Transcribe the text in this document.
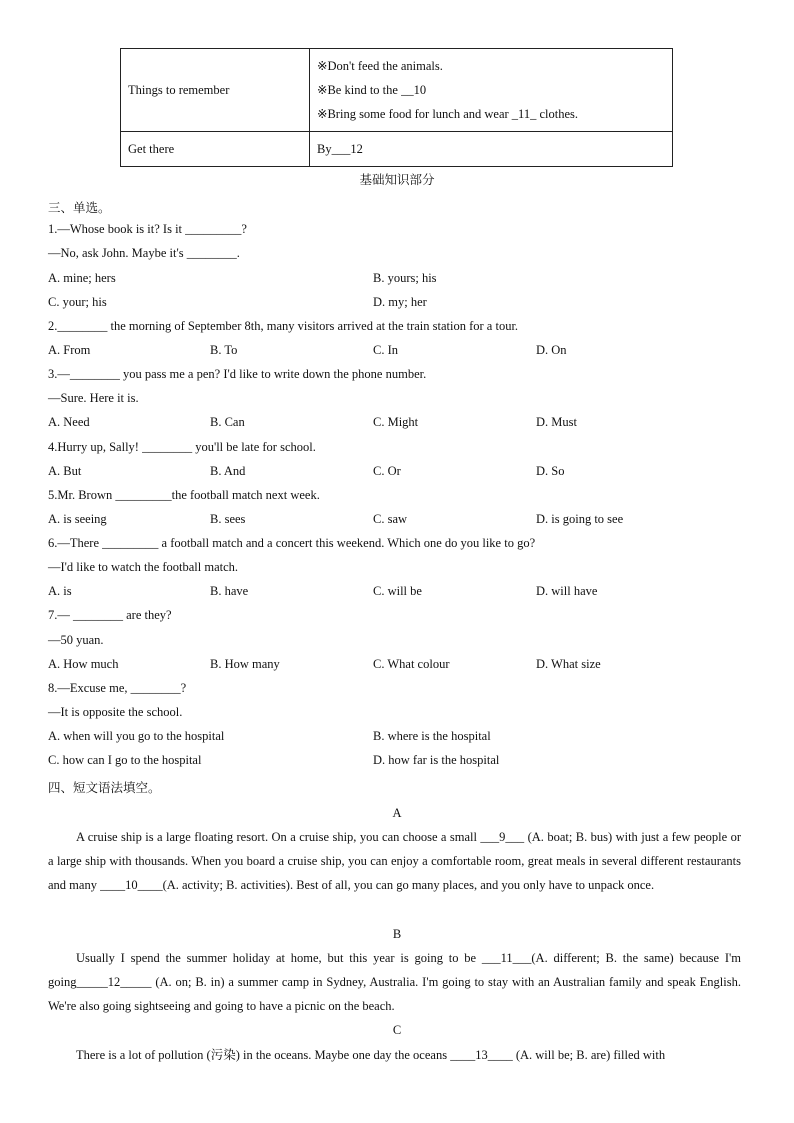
Things to remember	※Don't feed the animals.
※Be kind to the __10
※Bring some food for lunch and wear _11_ clothes.

Get there	By___12
基础知识部分
三、单选。
1.—Whose book is it? Is it _________?
—No, ask John. Maybe it's ________.
A. mine; hers	B. yours; his
C. your; his	D. my; her
2.________ the morning of September 8th, many visitors arrived at the train station for a tour.
A. From	B. To	C. In	D. On
3.—________ you pass me a pen? I'd like to write down the phone number.
—Sure. Here it is.
A. Need	B. Can	C. Might	D. Must
4.Hurry up, Sally! ________ you'll be late for school.
A. But	B. And	C. Or	D. So
5.Mr. Brown _________the football match next week.
A. is seeing	B. sees	C. saw	D. is going to see
6.—There _________ a football match and a concert this weekend. Which one do you like to go?
—I'd like to watch the football match.
A. is	B. have	C. will be	D. will have
7.— ________ are they?
—50 yuan.
A. How much	B. How many	C. What colour	D. What size
8.—Excuse me, ________?
—It is opposite the school.
A. when will you go to the hospital	B. where is the hospital
C. how can I go to the hospital	D. how far is the hospital
四、短文语法填空。
A
A cruise ship is a large floating resort. On a cruise ship, you can choose a small ___9___ (A. boat; B. bus) with just a few people or a large ship with thousands. When you board a cruise ship, you can enjoy a comfortable room, great meals in several different restaurants and many ____10____(A. activity; B. activities). Best of all, you can go many places, and you only have to unpack once.
B
Usually I spend the summer holiday at home, but this year is going to be ___11___(A. different; B. the same) because I'm going_____12_____ (A. on; B. in) a summer camp in Sydney, Australia. I'm going to stay with an Australian family and speak English. We're also going sightseeing and going to have a picnic on the beach.
C
There is a lot of pollution (污染) in the oceans. Maybe one day the oceans ____13____ (A. will be; B. are) filled with
